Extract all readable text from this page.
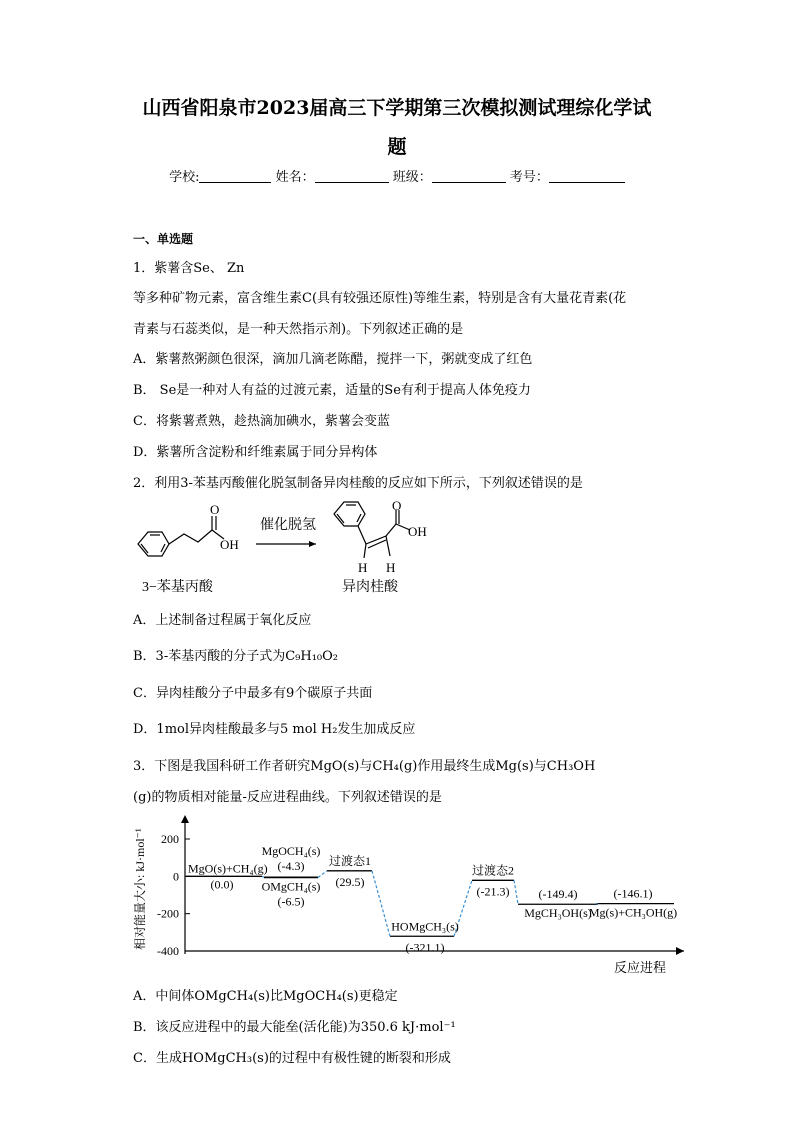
山西省阳泉市2023届高三下学期第三次模拟测试理综化学试
题
学校:	姓名：	班级：	考号：
一、单选题
1．紫薯含Se、 Zn
等多种矿物元素，富含维生素C(具有较强还原性)等维生素，特别是含有大量花青素(花
青素与石蕊类似，是一种天然指示剂)。下列叙述正确的是
A．紫薯熬粥颜色很深，滴加几滴老陈醋，搅拌一下，粥就变成了红色
B． Se是一种对人有益的过渡元素，适量的Se有利于提高人体免疫力
C．将紫薯煮熟，趁热滴加碘水，紫薯会变蓝
D．紫薯所含淀粉和纤维素属于同分异构体
2．利用3-苯基丙酸催化脱氢制备异肉桂酸的反应如下所示，下列叙述错误的是
O
OH
3−苯基丙酸
催化脱氢
O
OH
H H
异肉桂酸
A．上述制备过程属于氧化反应
B．3-苯基丙酸的分子式为C₉H₁₀O₂
C．异肉桂酸分子中最多有9个碳原子共面
D．1mol异肉桂酸最多与5 mol H₂发生加成反应
3．下图是我国科研工作者研究MgO(s)与CH₄(g)作用最终生成Mg(s)与CH₃OH
(g)的物质相对能量-反应进程曲线。下列叙述错误的是
相对能量大小: kJ·mol⁻¹
反应进程
200
0
-200
-400
MgO(s)+CH₄(g)
(0.0)
MgOCH₄(s)
(-4.3)
OMgCH₄(s)
(-6.5)
过渡态1
(29.5)
HOMgCH₃(s)
(-321.1)
过渡态2
(-21.3)
MgCH₃OH(s)
(-149.4)
Mg(s)+CH₃OH(g)
(-146.1)
A．中间体OMgCH₄(s)比MgOCH₄(s)更稳定
B．该反应进程中的最大能垒(活化能)为350.6 kJ·mol⁻¹
C．生成HOMgCH₃(s)的过程中有极性键的断裂和形成
